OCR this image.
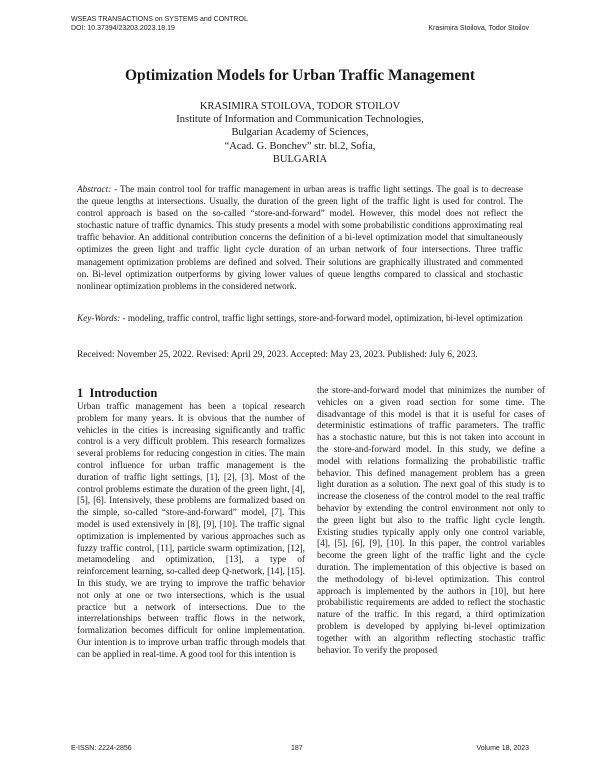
WSEAS TRANSACTIONS on SYSTEMS and CONTROL
DOI: 10.37394/23203.2023.18.19	Krasimira Stoilova, Todor Stoilov
Optimization Models for Urban Traffic Management
KRASIMIRA STOILOVA, TODOR STOILOV
Institute of Information and Communication Technologies,
Bulgarian Academy of Sciences,
“Acad. G. Bonchev” str. bl.2, Sofia,
BULGARIA
Abstract: - The main control tool for traffic management in urban areas is traffic light settings. The goal is to decrease the queue lengths at intersections. Usually, the duration of the green light of the traffic light is used for control. The control approach is based on the so-called “store-and-forward” model. However, this model does not reflect the stochastic nature of traffic dynamics. This study presents a model with some probabilistic conditions approximating real traffic behavior. An additional contribution concerns the definition of a bi-level optimization model that simultaneously optimizes the green light and traffic light cycle duration of an urban network of four intersections. Three traffic management optimization problems are defined and solved. Their solutions are graphically illustrated and commented on. Bi-level optimization outperforms by giving lower values of queue lengths compared to classical and stochastic nonlinear optimization problems in the considered network.
Key-Words:
- modeling, traffic control, traffic light settings, store-and-forward model, optimization, bi-level optimization
Received: November 25, 2022. Revised: April 29, 2023. Accepted: May 23, 2023. Published: July 6, 2023.
1 Introduction

Urban traffic management has been a topical research problem for many years. It is obvious that the number of vehicles in the cities is increasing significantly and traffic control is a very difficult problem. This research formalizes several problems for reducing congestion in cities. The main control influence for urban traffic management is the duration of traffic light settings, [1], [2], [3]. Most of the control problems estimate the duration of the green light, [4], [5], [6]. Intensively, these problems are formalized based on the simple, so-called “store-and-forward” model, [7]. This model is used extensively in [8], [9], [10]. The traffic signal optimization is implemented by various approaches such as fuzzy traffic control, [11], particle swarm optimization, [12], metamodeling and optimization, [13], a type of reinforcement learning, so-called deep Q-network, [14], [15]. In this study, we are trying to improve the traffic behavior not only at one or two intersections, which is the usual practice but a network of intersections. Due to the interrelationships between traffic flows in the network, formalization becomes difficult for online implementation. Our intention is to improve urban traffic through models that can be applied in real-time. A good tool for this intention is

the store-and-forward model that minimizes the number of vehicles on a given road section for some time. The disadvantage of this model is that it is useful for cases of deterministic estimations of traffic parameters. The traffic has a stochastic nature, but this is not taken into account in the store-and-forward model. In this study, we define a model with relations formalizing the probabilistic traffic behavior. This defined management problem has a green light duration as a solution. The next goal of this study is to increase the closeness of the control model to the real traffic behavior by extending the control environment not only to the green light but also to the traffic light cycle length. Existing studies typically apply only one control variable, [4], [5], [6], [9], [10]. In this paper, the control variables become the green light of the traffic light and the cycle duration. The implementation of this objective is based on the methodology of bi-level optimization. This control approach is implemented by the authors in [10], but here probabilistic requirements are added to reflect the stochastic nature of the traffic. In this regard, a third optimization problem is developed by applying bi-level optimization together with an algorithm reflecting stochastic traffic behavior. To verify the proposed

E-ISSN: 2224-2856	187	Volume 18, 2023
